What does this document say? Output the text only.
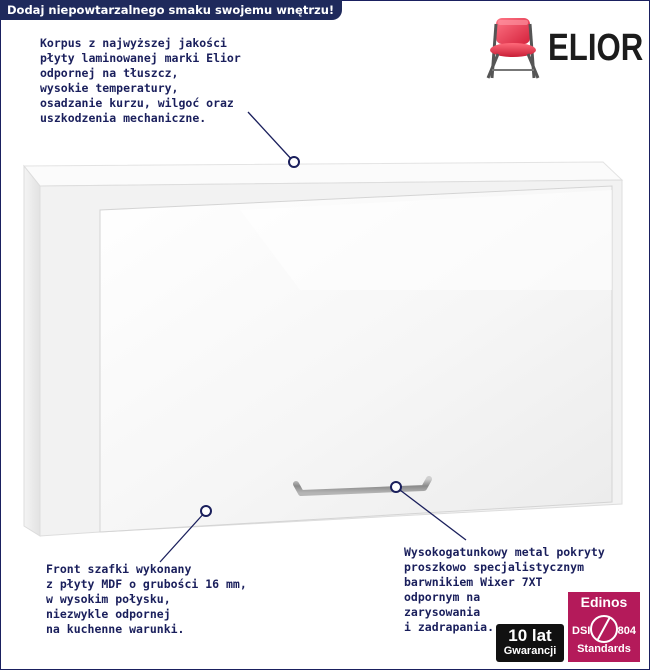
Dodaj niepowtarzalnego smaku swojemu wnętrzu!
ELIOR
Korpus z najwyższej jakości
płyty laminowanej marki Elior
odpornej na tłuszcz,
wysokie temperatury,
osadzanie kurzu, wilgoć oraz
uszkodzenia mechaniczne.
Front szafki wykonany
z płyty MDF o grubości 16 mm,
w wysokim połysku,
niezwykle odpornej
na kuchenne warunki.
Wysokogatunkowy metal pokryty
proszkowo specjalistycznym
barwnikiem Wixer 7XT
odpornym na
zarysowania
i zadrapania. 10 lat
Gwarancji
Edinos
DSI 804
Standards
